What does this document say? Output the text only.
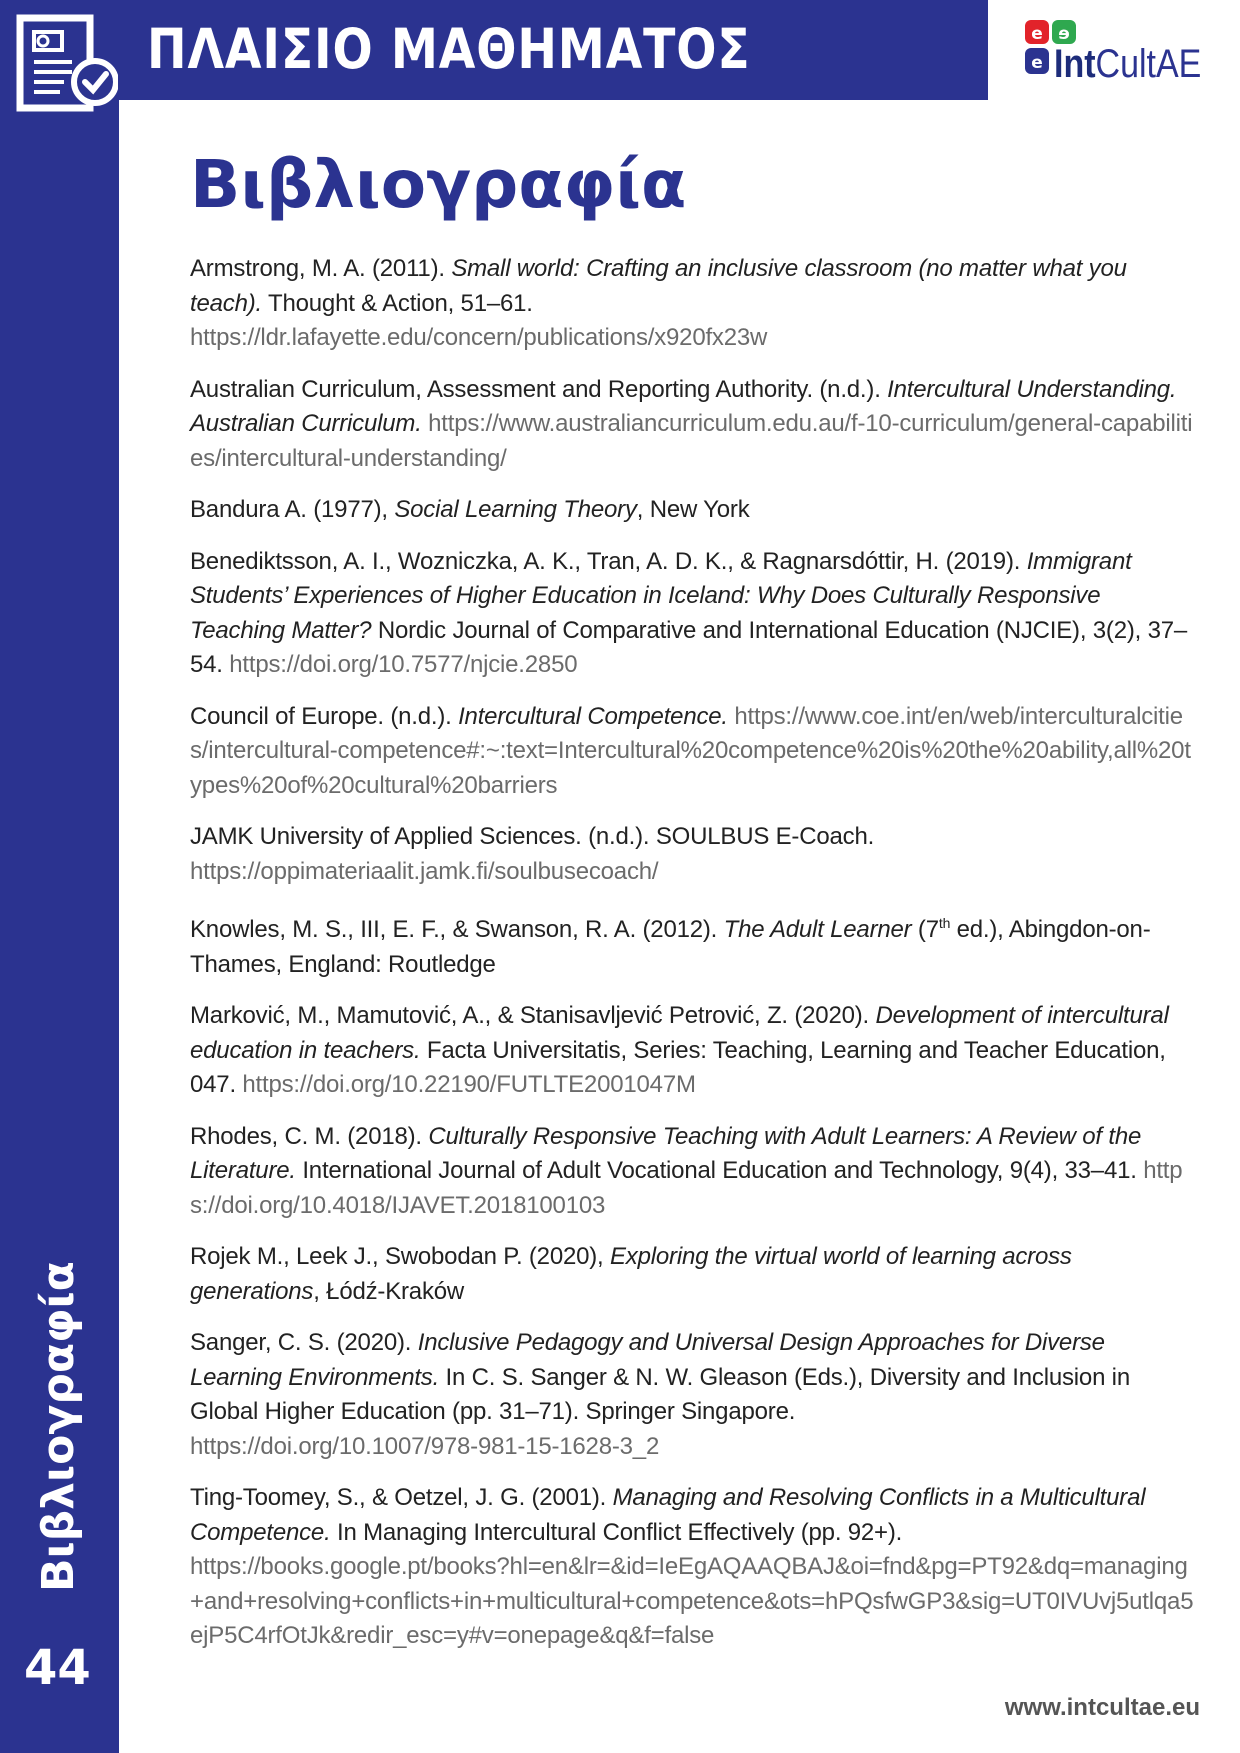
ΠΛΑΙΣΙΟ ΜΑΘΗΜΑΤΟΣ	e ɘ
e IntCultAE
Βιβλιογραφία

Armstrong, M. A. (2011). Small world: Crafting an inclusive classroom (no matter what you teach). Thought & Action, 51–61.
https://ldr.lafayette.edu/concern/publications/x920fx23w

Australian Curriculum, Assessment and Reporting Authority. (n.d.). Intercultural Understanding. Australian Curriculum. https://www.australiancurriculum.edu.au/f-10-curriculum/general-capabilities/intercultural-understanding/

Bandura A. (1977), Social Learning Theory, New York

Benediktsson, A. I., Wozniczka, A. K., Tran, A. D. K., & Ragnarsdóttir, H. (2019). Immigrant Students’ Experiences of Higher Education in Iceland: Why Does Culturally Responsive Teaching Matter? Nordic Journal of Comparative and International Education (NJCIE), 3(2), 37–54. https://doi.org/10.7577/njcie.2850

Council of Europe. (n.d.). Intercultural Competence. https://www.coe.int/en/web/interculturalcities/intercultural-competence#:~:text=Intercultural%20competence%20is%20the%20ability,all%20types%20of%20cultural%20barriers

JAMK University of Applied Sciences. (n.d.). SOULBUS E-Coach.
https://oppimateriaalit.jamk.fi/soulbusecoach/

Knowles, M. S., III, E. F., & Swanson, R. A. (2012). The Adult Learner (7th ed.), Abingdon-on-Thames, England: Routledge

Marković, M., Mamutović, A., & Stanisavljević Petrović, Z. (2020). Development of intercultural education in teachers. Facta Universitatis, Series: Teaching, Learning and Teacher Education, 047. https://doi.org/10.22190/FUTLTE2001047M

Rhodes, C. M. (2018). Culturally Responsive Teaching with Adult Learners: A Review of the Literature. International Journal of Adult Vocational Education and Technology, 9(4), 33–41. https://doi.org/10.4018/IJAVET.2018100103

Rojek M., Leek J., Swobodan P. (2020), Exploring the virtual world of learning across generations, Łódź-Kraków

Sanger, C. S. (2020). Inclusive Pedagogy and Universal Design Approaches for Diverse Learning Environments. In C. S. Sanger & N. W. Gleason (Eds.), Diversity and Inclusion in Global Higher Education (pp. 31–71). Springer Singapore.
https://doi.org/10.1007/978-981-15-1628-3_2

Ting-Toomey, S., & Oetzel, J. G. (2001). Managing and Resolving Conflicts in a Multicultural Competence. In Managing Intercultural Conflict Effectively (pp. 92+).
https://books.google.pt/books?hl=en&lr=&id=IeEgAQAAQBAJ&oi=fnd&pg=PT92&dq=managing+and+resolving+conflicts+in+multicultural+competence&ots=hPQsfwGP3&sig=UT0IVUvj5utlqa5ejP5C4rfOtJk&redir_esc=y#v=onepage&q&f=false

Βιβλιογραφία
44
www.intcultae.eu
